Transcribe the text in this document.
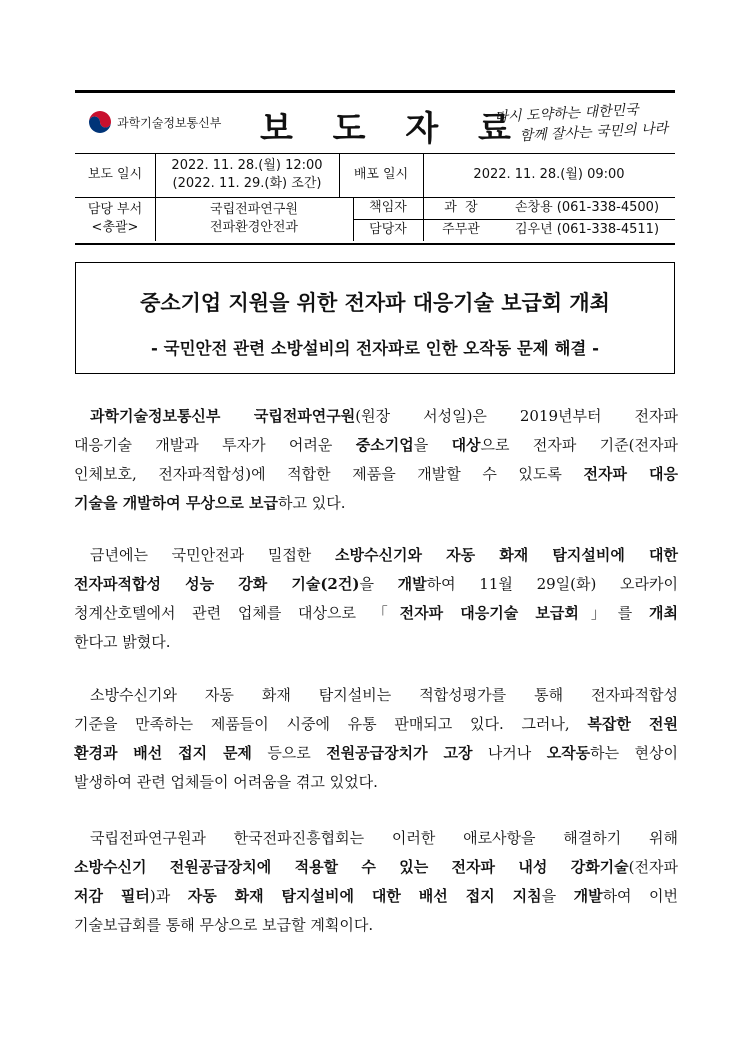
과학기술정보통신부 보 도 자 료
다시 도약하는 대한민국
함께 잘사는 국민의 나라
보도 일시
2022. 11. 28.(월) 12:00
(2022. 11. 29.(화) 조간)
배포 일시	2022. 11. 28.(월) 09:00
담당 부서
<총괄>
국립전파연구원
전파환경안전과
책임자
담당자
과  장
주무관
손창용 (061-338-4500)
김우년 (061-338-4511)
중소기업 지원을 위한 전자파 대응기술 보급회 개최
- 국민안전 관련 소방설비의 전자파로 인한 오작동 문제 해결 -
과학기술정보통신부 국립전파연구원(원장 서성일)은 2019년부터 전자파
대응기술 개발과 투자가 어려운 중소기업을 대상으로 전자파 기준(전자파
인체보호, 전자파적합성)에 적합한 제품을 개발할 수 있도록 전자파 대응
기술을 개발하여 무상으로 보급하고 있다.
금년에는 국민안전과 밀접한 소방수신기와 자동 화재 탐지설비에 대한
전자파적합성 성능 강화 기술(2건)을 개발하여 11월 29일(화) 오라카이
청계산호텔에서 관련 업체를 대상으로 「전자파 대응기술 보급회」를 개최
한다고 밝혔다.
소방수신기와 자동 화재 탐지설비는 적합성평가를 통해 전자파적합성
기준을 만족하는 제품들이 시중에 유통 판매되고 있다. 그러나, 복잡한 전원
환경과 배선 접지 문제 등으로 전원공급장치가 고장 나거나 오작동하는 현상이
발생하여 관련 업체들이 어려움을 겪고 있었다.
국립전파연구원과 한국전파진흥협회는 이러한 애로사항을 해결하기 위해
소방수신기 전원공급장치에 적용할 수 있는 전자파 내성 강화기술(전자파
저감 필터)과 자동 화재 탐지설비에 대한 배선 접지 지침을 개발하여 이번
기술보급회를 통해 무상으로 보급할 계획이다.
